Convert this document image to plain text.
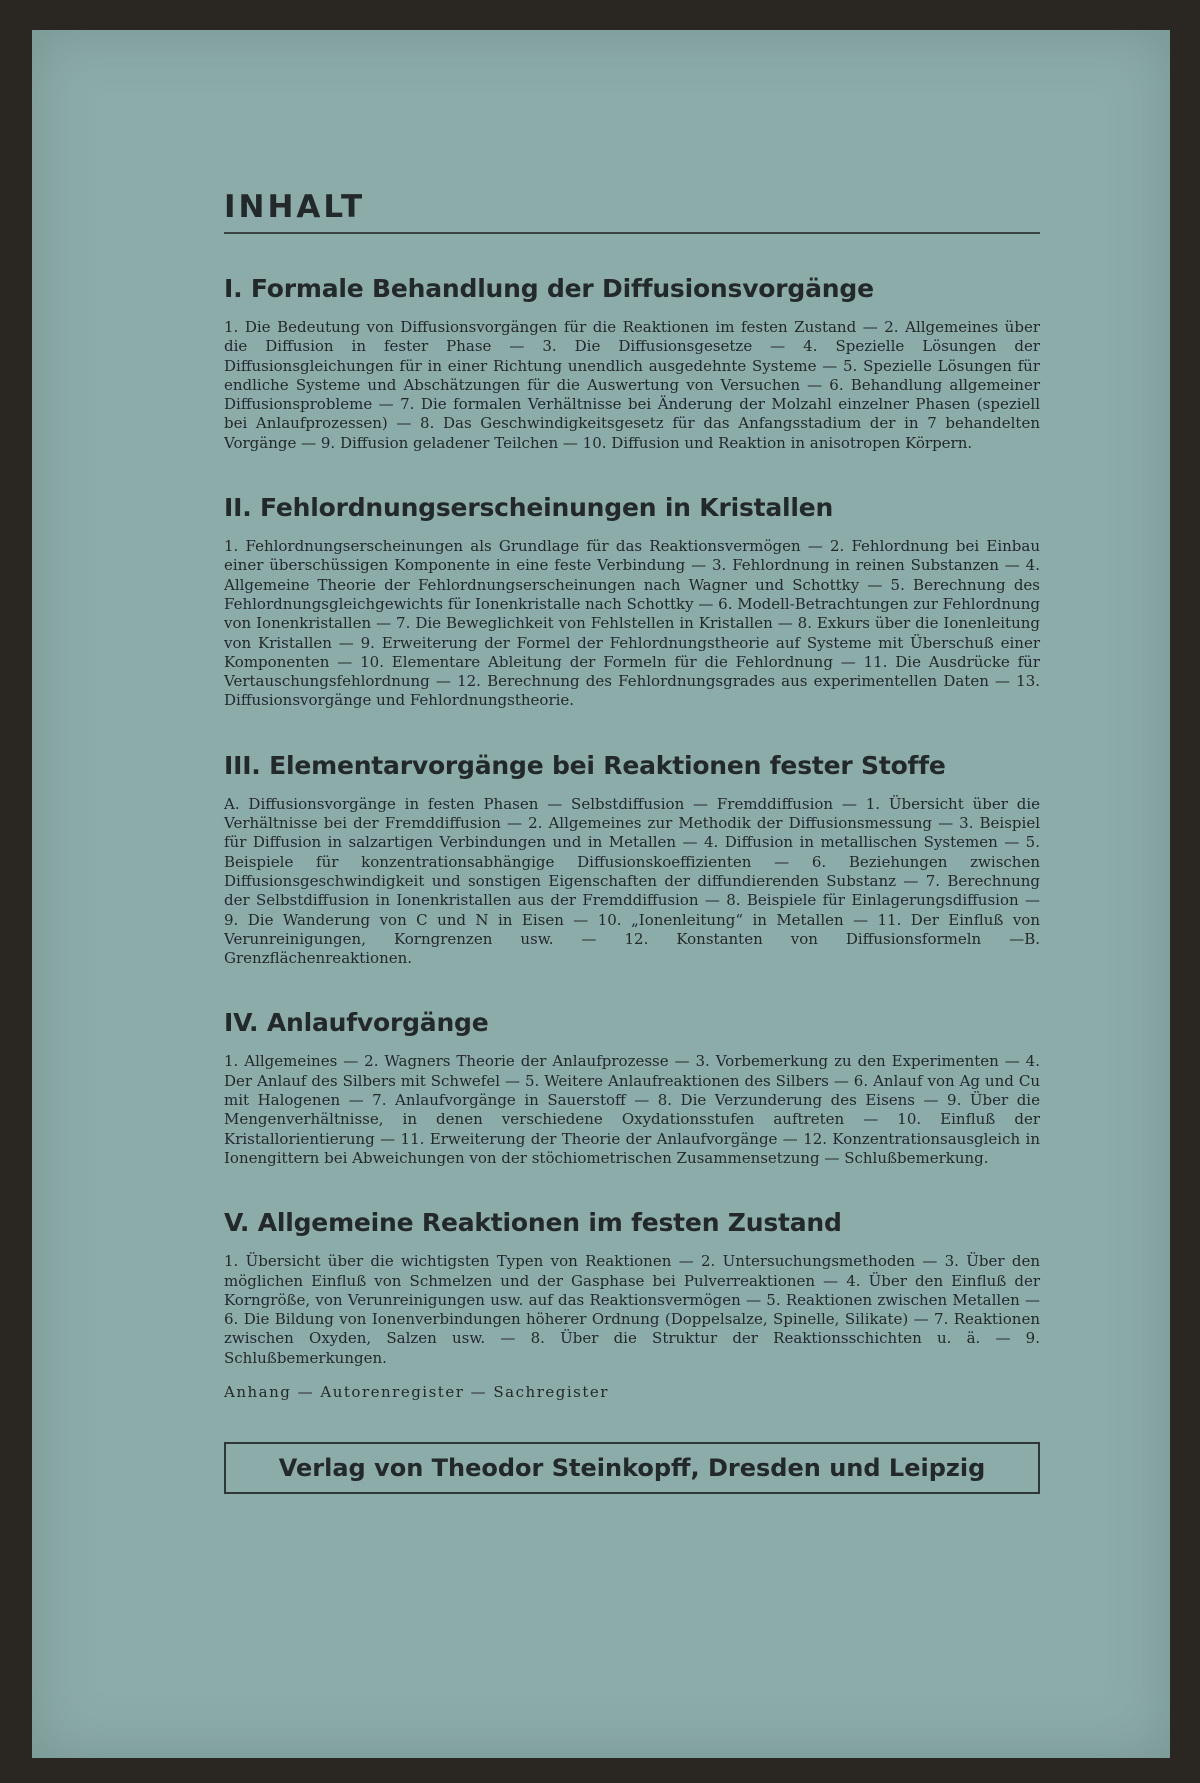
INHALT
I. Formale Behandlung der Diffusionsvorgänge

1. Die Bedeutung von Diffusionsvorgängen für die Reaktionen im festen Zustand — 2. Allgemeines über die Diffusion in fester Phase — 3. Die Diffusionsgesetze — 4. Spezielle Lösungen der Diffusionsgleichungen für in einer Richtung unendlich ausgedehnte Systeme — 5. Spezielle Lösungen für endliche Systeme und Abschätzungen für die Auswertung von Versuchen — 6. Behandlung allgemeiner Diffusionsprobleme — 7. Die formalen Verhältnisse bei Änderung der Molzahl einzelner Phasen (speziell bei Anlaufprozessen) — 8. Das Geschwindigkeitsgesetz für das Anfangsstadium der in 7 behandelten Vorgänge — 9. Diffusion geladener Teilchen — 10. Diffusion und Reaktion in anisotropen Körpern.

II. Fehlordnungserscheinungen in Kristallen

1. Fehlordnungserscheinungen als Grundlage für das Reaktionsvermögen — 2. Fehlordnung bei Einbau einer überschüssigen Komponente in eine feste Verbindung — 3. Fehlordnung in reinen Substanzen — 4. Allgemeine Theorie der Fehlordnungserscheinungen nach Wagner und Schottky — 5. Berechnung des Fehlordnungsgleichgewichts für Ionenkristalle nach Schottky — 6. Modell-Betrachtungen zur Fehlordnung von Ionenkristallen — 7. Die Beweglichkeit von Fehlstellen in Kristallen — 8. Exkurs über die Ionenleitung von Kristallen — 9. Erweiterung der Formel der Fehlordnungstheorie auf Systeme mit Überschuß einer Komponenten — 10. Elementare Ableitung der Formeln für die Fehlordnung — 11. Die Ausdrücke für Vertauschungsfehlordnung — 12. Berechnung des Fehlordnungsgrades aus experimentellen Daten — 13. Diffusionsvorgänge und Fehlordnungstheorie.

III. Elementarvorgänge bei Reaktionen fester Stoffe

A. Diffusionsvorgänge in festen Phasen — Selbstdiffusion — Fremddiffusion — 1. Übersicht über die Verhältnisse bei der Fremddiffusion — 2. Allgemeines zur Methodik der Diffusionsmessung — 3. Beispiel für Diffusion in salzartigen Verbindungen und in Metallen — 4. Diffusion in metallischen Systemen — 5. Beispiele für konzentrationsabhängige Diffusionskoeffizienten — 6. Beziehungen zwischen Diffusionsgeschwindigkeit und sonstigen Eigenschaften der diffundierenden Substanz — 7. Berechnung der Selbstdiffusion in Ionenkristallen aus der Fremddiffusion — 8. Beispiele für Einlagerungsdiffusion — 9. Die Wanderung von C und N in Eisen — 10. „Ionenleitung“ in Metallen — 11. Der Einfluß von Verunreinigungen, Korngrenzen usw. — 12. Konstanten von Diffusionsformeln —B. Grenzflächenreaktionen.

IV. Anlaufvorgänge

1. Allgemeines — 2. Wagners Theorie der Anlaufprozesse — 3. Vorbemerkung zu den Experimenten — 4. Der Anlauf des Silbers mit Schwefel — 5. Weitere Anlaufreaktionen des Silbers — 6. Anlauf von Ag und Cu mit Halogenen — 7. Anlaufvorgänge in Sauerstoff — 8. Die Verzunderung des Eisens — 9. Über die Mengenverhältnisse, in denen verschiedene Oxydationsstufen auftreten — 10. Einfluß der Kristallorientierung — 11. Erweiterung der Theorie der Anlaufvorgänge — 12. Konzentrationsausgleich in Ionengittern bei Abweichungen von der stöchiometrischen Zusammensetzung — Schlußbemerkung.

V. Allgemeine Reaktionen im festen Zustand

1. Übersicht über die wichtigsten Typen von Reaktionen — 2. Untersuchungsmethoden — 3. Über den möglichen Einfluß von Schmelzen und der Gasphase bei Pulverreaktionen — 4. Über den Einfluß der Korngröße, von Verunreinigungen usw. auf das Reaktionsvermögen — 5. Reaktionen zwischen Metallen — 6. Die Bildung von Ionenverbindungen höherer Ordnung (Doppelsalze, Spinelle, Silikate) — 7. Reaktionen zwischen Oxyden, Salzen usw. — 8. Über die Struktur der Reaktionsschichten u. ä. — 9. Schlußbemerkungen.

Anhang — Autorenregister — Sachregister

Verlag von Theodor Steinkopff, Dresden und Leipzig
